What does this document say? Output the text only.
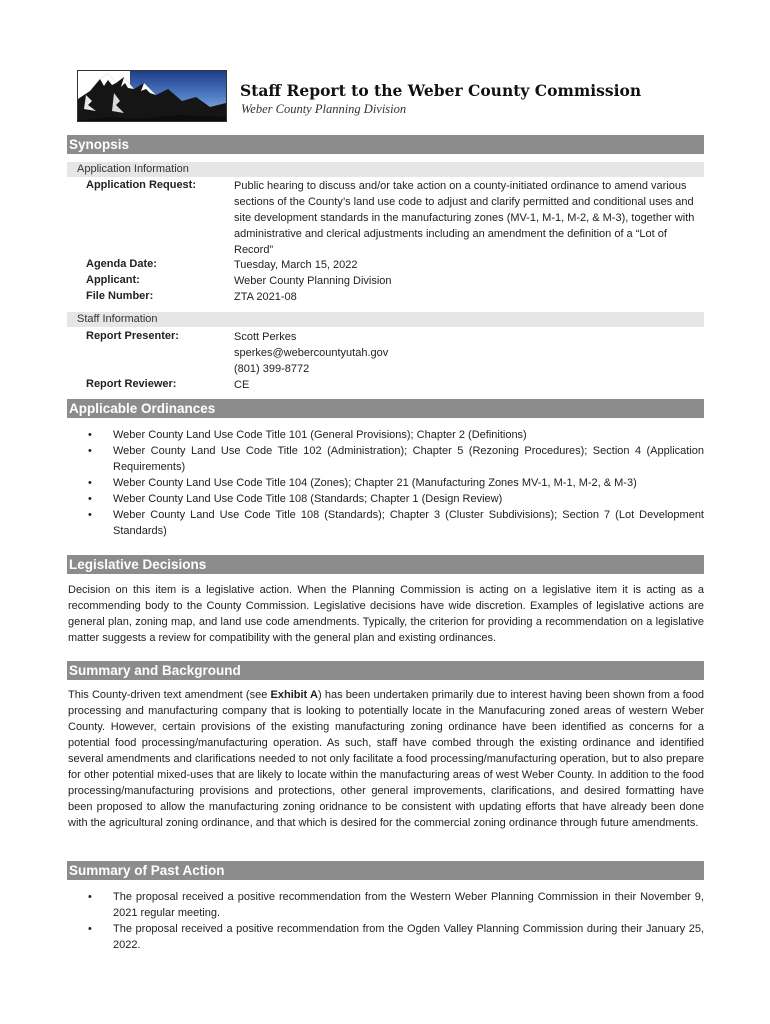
Staff Report to the Weber County Commission
Weber County Planning Division
Synopsis
Application Information
Application Request:	Public hearing to discuss and/or take action on a county-initiated ordinance to amend various sections of the County’s land use code to adjust and clarify permitted and conditional uses and site development standards in the manufacturing zones (MV-1, M-1, M-2, & M-3), together with administrative and clerical adjustments including an amendment the definition of a “Lot of Record”
Agenda Date:	Tuesday, March 15, 2022
Applicant:	Weber County Planning Division
File Number:	ZTA 2021-08
Staff Information
Report Presenter:	Scott Perkes
sperkes@webercountyutah.gov
(801) 399-8772
Report Reviewer:	CE
Applicable Ordinances
• Weber County Land Use Code Title 101 (General Provisions); Chapter 2 (Definitions)
• Weber County Land Use Code Title 102 (Administration); Chapter 5 (Rezoning Procedures); Section 4 (Application Requirements)
• Weber County Land Use Code Title 104 (Zones); Chapter 21 (Manufacturing Zones MV-1, M-1, M-2, & M-3)
• Weber County Land Use Code Title 108 (Standards; Chapter 1 (Design Review)
• Weber County Land Use Code Title 108 (Standards); Chapter 3 (Cluster Subdivisions); Section 7 (Lot Development Standards)
Legislative Decisions

Decision on this item is a legislative action. When the Planning Commission is acting on a legislative item it is acting as a recommending body to the County Commission. Legislative decisions have wide discretion. Examples of legislative actions are general plan, zoning map, and land use code amendments. Typically, the criterion for providing a recommendation on a legislative matter suggests a review for compatibility with the general plan and existing ordinances.

Summary and Background

This County-driven text amendment (see Exhibit A) has been undertaken primarily due to interest having been shown from a food processing and manufacturing company that is looking to potentially locate in the Manufacuring zoned areas of western Weber County. However, certain provisions of the existing manufacturing zoning ordinance have been identified as concerns for a potential food processing/manufacturing operation. As such, staff have combed through the existing ordinance and identified several amendments and clarifications needed to not only facilitate a food processing/manufacturing operation, but to also prepare for other potential mixed-uses that are likely to locate within the manufacturing areas of west Weber County. In addition to the food processing/manufacturing provisions and protections, other general improvements, clarifications, and desired formatting have been proposed to allow the manufacturing zoning oridnance to be consistent with updating efforts that have already been done with the agricultural zoning ordinance, and that which is desired for the commercial zoning ordinance through future amendments.

Summary of Past Action
• The proposal received a positive recommendation from the Western Weber Planning Commission in their November 9, 2021 regular meeting.
• The proposal received a positive recommendation from the Ogden Valley Planning Commission during their January 25, 2022.
